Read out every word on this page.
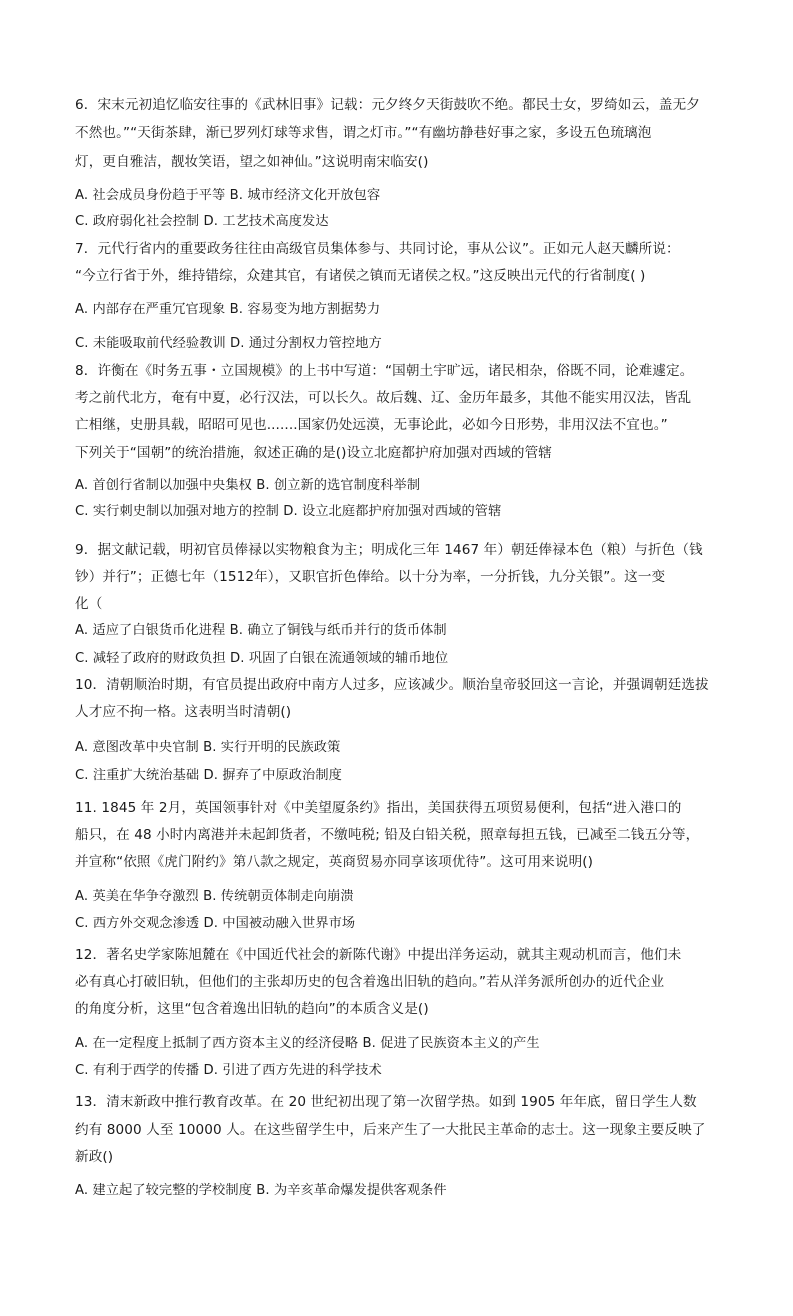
6．宋末元初追忆临安往事的《武林旧事》记载：元夕终夕天街鼓吹不绝。都民士女，罗绮如云，盖无夕
不然也。”“天街茶肆，渐已罗列灯球等求售，谓之灯市。”“有幽坊静巷好事之家，多设五色琉璃泡
灯，更自雅洁，靓妆笑语，望之如神仙。”这说明南宋临安()
A. 社会成员身份趋于平等 B. 城市经济文化开放包容
C. 政府弱化社会控制 D. 工艺技术高度发达
7．元代行省内的重要政务往往由高级官员集体参与、共同讨论，事从公议”。正如元人赵天麟所说：
“今立行省于外，维持错综，众建其官，有诸侯之镇而无诸侯之权。”这反映出元代的行省制度( )
A. 内部存在严重冗官现象 B. 容易变为地方割据势力
C. 未能吸取前代经验教训 D. 通过分割权力管控地方
8．许衡在《时务五事・立国规模》的上书中写道：“国朝土宇旷远，诸民相杂，俗既不同，论难遽定。
考之前代北方，奄有中夏，必行汉法，可以长久。故后魏、辽、金历年最多，其他不能实用汉法，皆乱
亡相继，史册具载，昭昭可见也.......国家仍处远漠，无事论此，必如今日形势，非用汉法不宜也。”
下列关于“国朝”的统治措施，叙述正确的是()设立北庭都护府加强对西域的管辖
A. 首创行省制以加强中央集权 B. 创立新的选官制度科举制
C. 实行刺史制以加强对地方的控制 D. 设立北庭都护府加强对西域的管辖
9．据文献记载，明初官员俸禄以实物粮食为主；明成化三年 1467 年）朝廷俸禄本色（粮）与折色（钱
钞）并行”；正德七年（1512年），又职官折色俸给。以十分为率，一分折钱，九分关银”。这一变
化（
A. 适应了白银货币化进程 B. 确立了铜钱与纸币并行的货币体制
C. 减轻了政府的财政负担 D. 巩固了白银在流通领域的辅币地位
10．清朝顺治时期，有官员提出政府中南方人过多，应该减少。顺治皇帝驳回这一言论，并强调朝廷选拔
人才应不拘一格。这表明当时清朝()
A. 意图改革中央官制 B. 实行开明的民族政策
C. 注重扩大统治基础 D. 摒弃了中原政治制度
11. 1845 年 2月，英国领事针对《中美望厦条约》指出，美国获得五项贸易便利，包括“进入港口的
船只，在 48 小时内离港并未起卸货者，不缴吨税; 铅及白铅关税，照章每担五钱，已减至二钱五分等，
并宣称“依照《虎门附约》第八款之规定，英商贸易亦同享该项优待”。这可用来说明()
A. 英美在华争夺激烈 B. 传统朝贡体制走向崩溃
C. 西方外交观念渗透 D. 中国被动融入世界市场
12．著名史学家陈旭麓在《中国近代社会的新陈代谢》中提出洋务运动，就其主观动机而言，他们未
必有真心打破旧轨，但他们的主张却历史的包含着逸出旧轨的趋向。”若从洋务派所创办的近代企业
的角度分析，这里“包含着逸出旧轨的趋向”的本质含义是()
A. 在一定程度上抵制了西方资本主义的经济侵略 B. 促进了民族资本主义的产生
C. 有利于西学的传播 D. 引进了西方先进的科学技术
13．清末新政中推行教育改革。在 20 世纪初出现了第一次留学热。如到 1905 年年底，留日学生人数
约有 8000 人至 10000 人。在这些留学生中，后来产生了一大批民主革命的志士。这一现象主要反映了
新政()
A. 建立起了较完整的学校制度 B. 为辛亥革命爆发提供客观条件
